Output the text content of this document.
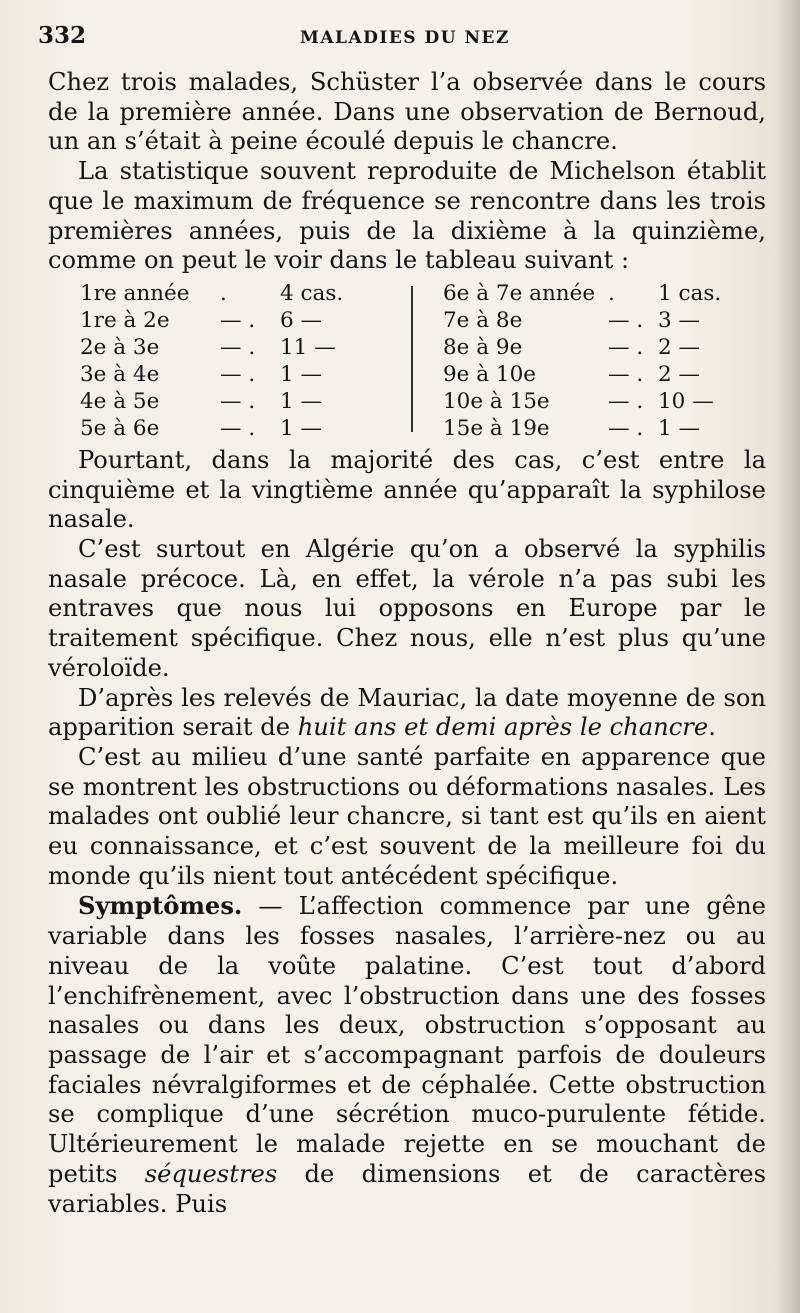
332	MALADIES DU NEZ

Chez trois malades, Schüster l’a observée dans le cours de la première année. Dans une observation de Bernoud, un an s’était à peine écoulé depuis le chancre.

La statistique souvent reproduite de Michelson établit que le maximum de fréquence se rencontre dans les trois premières années, puis de la dixième à la quinzième, comme on peut le voir dans le tableau suivant :

1re année . 4 cas.
1re à 2e — . 6 —
2e à 3e	— . 11 —
3e à 4e	— . 1 —
4e à 5e	— . 1 —
5e à 6e	— . 1 —
6e à 7e année . 1 cas.
7e à 8e	— . 3 —
8e à 9e	— . 2 —
9e à 10e	— . 2 —
10e à 15e	— . 10 —
15e à 19e	— . 1 —

Pourtant, dans la majorité des cas, c’est entre la cinquième et la vingtième année qu’apparaît la syphilose nasale.

C’est surtout en Algérie qu’on a observé la syphilis nasale précoce. Là, en effet, la vérole n’a pas subi les entraves que nous lui opposons en Europe par le traitement spécifique. Chez nous, elle n’est plus qu’une véroloïde.

D’après les relevés de Mauriac, la date moyenne de son apparition serait de huit ans et demi après le chancre.

C’est au milieu d’une santé parfaite en apparence que se montrent les obstructions ou déformations nasales. Les malades ont oublié leur chancre, si tant est qu’ils en aient eu connaissance, et c’est souvent de la meilleure foi du monde qu’ils nient tout antécédent spécifique.

Symptômes. — L’affection commence par une gêne variable dans les fosses nasales, l’arrière-nez ou au niveau de la voûte palatine. C’est tout d’abord l’enchifrènement, avec l’obstruction dans une des fosses nasales ou dans les deux, obstruction s’opposant au passage de l’air et s’accompagnant parfois de douleurs faciales névralgiformes et de céphalée. Cette obstruction se complique d’une sécrétion muco-purulente fétide. Ultérieurement le malade rejette en se mouchant de petits séquestres de dimensions et de caractères variables. Puis
